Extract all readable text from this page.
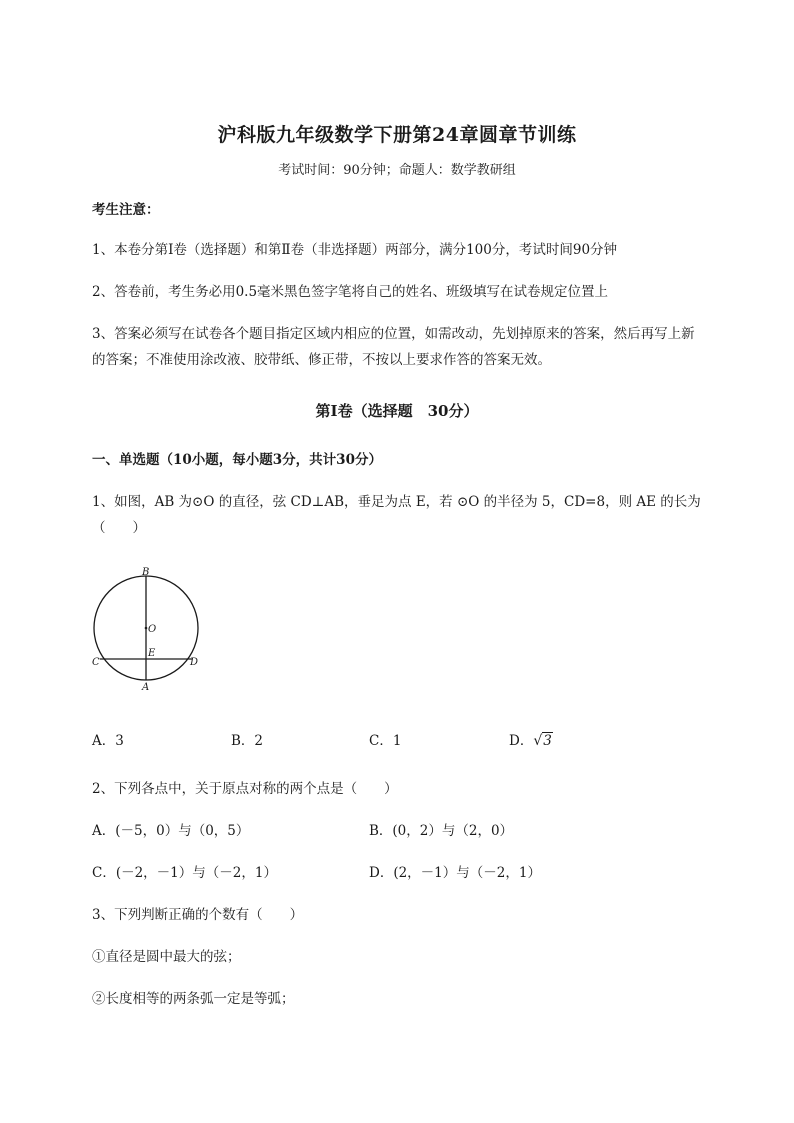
沪科版九年级数学下册第24章圆章节训练
考试时间：90分钟；命题人：数学教研组
考生注意：
1、本卷分第I卷（选择题）和第Ⅱ卷（非选择题）两部分，满分100分，考试时间90分钟
2、答卷前，考生务必用0.5毫米黑色签字笔将自己的姓名、班级填写在试卷规定位置上
3、答案必须写在试卷各个题目指定区域内相应的位置，如需改动，先划掉原来的答案，然后再写上新
的答案；不准使用涂改液、胶带纸、修正带，不按以上要求作答的答案无效。
第I卷（选择题　30分）
一、单选题（10小题，每小题3分，共计30分）
1、如图，AB 为⊙O 的直径，弦 CD⊥AB，垂足为点 E，若 ⊙O 的半径为 5，CD=8，则 AE 的长为
（　　）
B
O
E
C	D
A
A．3	B．2	C．1	D．√3
2、下列各点中，关于原点对称的两个点是（　　）
A．(－5，0）与（0，5）	B．(0，2）与（2，0）
C．(－2，－1）与（－2，1）	D．(2，－1）与（－2，1）
3、下列判断正确的个数有（　　）
①直径是圆中最大的弦；
②长度相等的两条弧一定是等弧；
